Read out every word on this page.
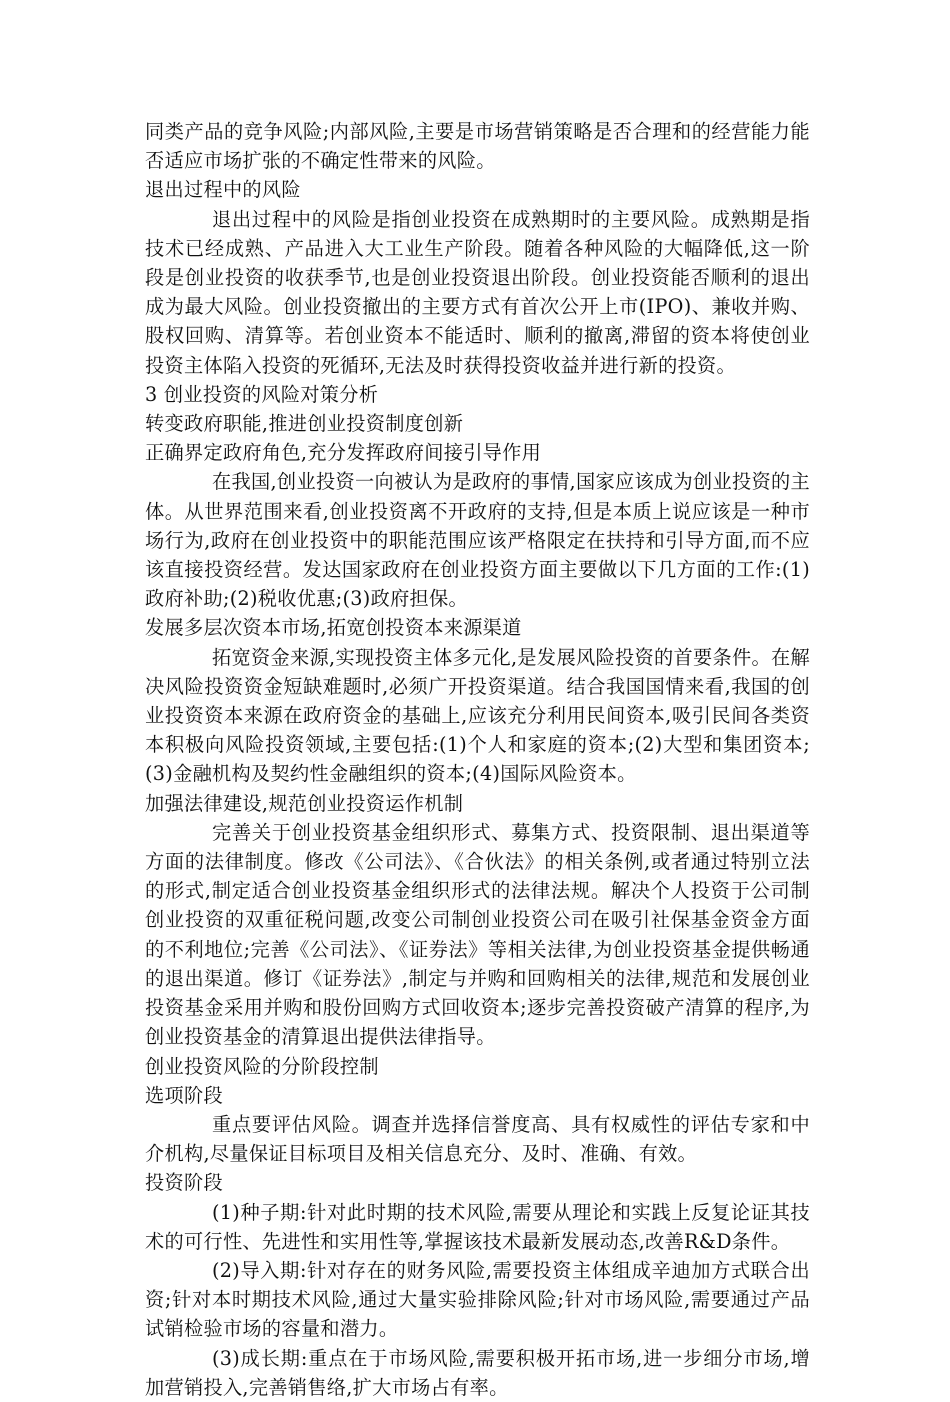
同类产品的竞争风险;内部风险,主要是市场营销策略是否合理和的经营能力能否适应市场扩张的不确定性带来的风险。

退出过程中的风险

退出过程中的风险是指创业投资在成熟期时的主要风险。成熟期是指技术已经成熟、产品进入大工业生产阶段。随着各种风险的大幅降低,这一阶段是创业投资的收获季节,也是创业投资退出阶段。创业投资能否顺利的退出成为最大风险。创业投资撤出的主要方式有首次公开上市(IPO)、兼收并购、股权回购、清算等。若创业资本不能适时、顺利的撤离,滞留的资本将使创业投资主体陷入投资的死循环,无法及时获得投资收益并进行新的投资。

3 创业投资的风险对策分析

转变政府职能,推进创业投资制度创新

正确界定政府角色,充分发挥政府间接引导作用

在我国,创业投资一向被认为是政府的事情,国家应该成为创业投资的主体。从世界范围来看,创业投资离不开政府的支持,但是本质上说应该是一种市场行为,政府在创业投资中的职能范围应该严格限定在扶持和引导方面,而不应该直接投资经营。发达国家政府在创业投资方面主要做以下几方面的工作:(1)政府补助;(2)税收优惠;(3)政府担保。

发展多层次资本市场,拓宽创投资本来源渠道

拓宽资金来源,实现投资主体多元化,是发展风险投资的首要条件。在解决风险投资资金短缺难题时,必须广开投资渠道。结合我国国情来看,我国的创业投资资本来源在政府资金的基础上,应该充分利用民间资本,吸引民间各类资本积极向风险投资领域,主要包括:(1)个人和家庭的资本;(2)大型和集团资本;(3)金融机构及契约性金融组织的资本;(4)国际风险资本。

加强法律建设,规范创业投资运作机制

完善关于创业投资基金组织形式、募集方式、投资限制、退出渠道等方面的法律制度。修改《公司法》、《合伙法》的相关条例,或者通过特别立法的形式,制定适合创业投资基金组织形式的法律法规。解决个人投资于公司制创业投资的双重征税问题,改变公司制创业投资公司在吸引社保基金资金方面的不利地位;完善《公司法》、《证券法》等相关法律,为创业投资基金提供畅通的退出渠道。修订《证券法》,制定与并购和回购相关的法律,规范和发展创业投资基金采用并购和股份回购方式回收资本;逐步完善投资破产清算的程序,为创业投资基金的清算退出提供法律指导。

创业投资风险的分阶段控制

选项阶段

重点要评估风险。调查并选择信誉度高、具有权威性的评估专家和中介机构,尽量保证目标项目及相关信息充分、及时、准确、有效。

投资阶段

(1)种子期:针对此时期的技术风险,需要从理论和实践上反复论证其技术的可行性、先进性和实用性等,掌握该技术最新发展动态,改善R&D条件。

(2)导入期:针对存在的财务风险,需要投资主体组成辛迪加方式联合出资;针对本时期技术风险,通过大量实验排除风险;针对市场风险,需要通过产品试销检验市场的容量和潜力。

(3)成长期:重点在于市场风险,需要积极开拓市场,进一步细分市场,增加营销投入,完善销售络,扩大市场占有率。
